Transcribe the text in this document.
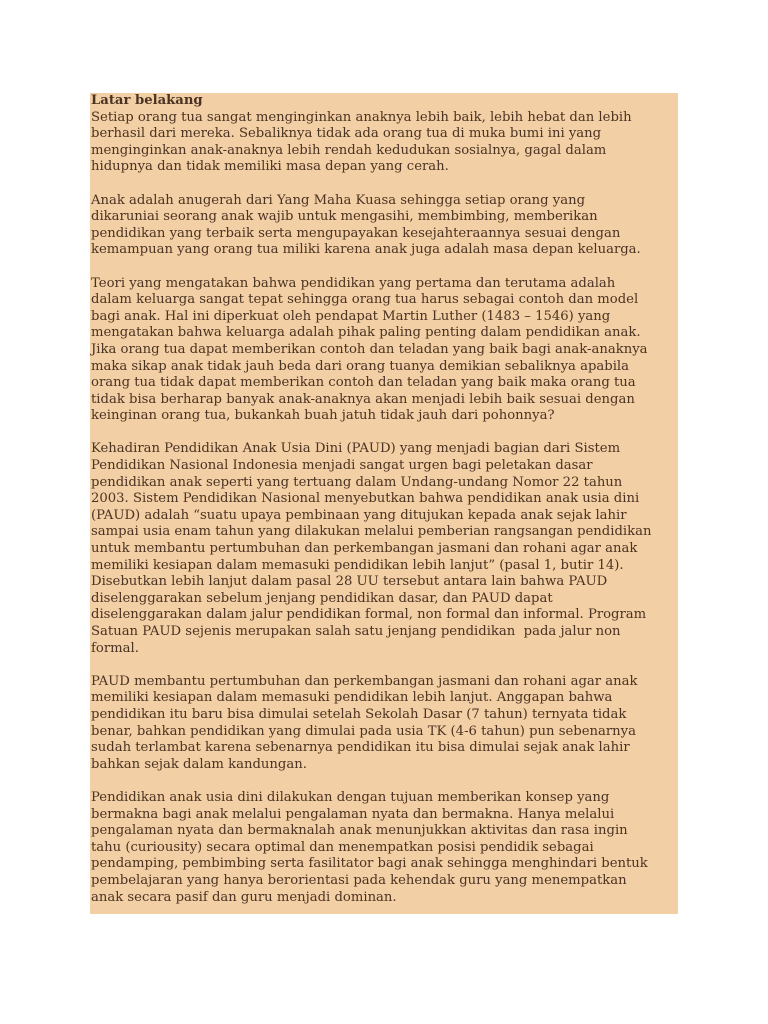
Latar belakang
Setiap orang tua sangat menginginkan anaknya lebih baik, lebih hebat dan lebih
berhasil dari mereka. Sebaliknya tidak ada orang tua di muka bumi ini yang
menginginkan anak-anaknya lebih rendah kedudukan sosialnya, gagal dalam
hidupnya dan tidak memiliki masa depan yang cerah.
Anak adalah anugerah dari Yang Maha Kuasa sehingga setiap orang yang
dikaruniai seorang anak wajib untuk mengasihi, membimbing, memberikan
pendidikan yang terbaik serta mengupayakan kesejahteraannya sesuai dengan
kemampuan yang orang tua miliki karena anak juga adalah masa depan keluarga.
Teori yang mengatakan bahwa pendidikan yang pertama dan terutama adalah
dalam keluarga sangat tepat sehingga orang tua harus sebagai contoh dan model
bagi anak. Hal ini diperkuat oleh pendapat Martin Luther (1483 – 1546) yang
mengatakan bahwa keluarga adalah pihak paling penting dalam pendidikan anak.
Jika orang tua dapat memberikan contoh dan teladan yang baik bagi anak-anaknya
maka sikap anak tidak jauh beda dari orang tuanya demikian sebaliknya apabila
orang tua tidak dapat memberikan contoh dan teladan yang baik maka orang tua
tidak bisa berharap banyak anak-anaknya akan menjadi lebih baik sesuai dengan
keinginan orang tua, bukankah buah jatuh tidak jauh dari pohonnya?
Kehadiran Pendidikan Anak Usia Dini (PAUD) yang menjadi bagian dari Sistem
Pendidikan Nasional Indonesia menjadi sangat urgen bagi peletakan dasar
pendidikan anak seperti yang tertuang dalam Undang-undang Nomor 22 tahun
2003. Sistem Pendidikan Nasional menyebutkan bahwa pendidikan anak usia dini
(PAUD) adalah “suatu upaya pembinaan yang ditujukan kepada anak sejak lahir
sampai usia enam tahun yang dilakukan melalui pemberian rangsangan pendidikan
untuk membantu pertumbuhan dan perkembangan jasmani dan rohani agar anak
memiliki kesiapan dalam memasuki pendidikan lebih lanjut” (pasal 1, butir 14).
Disebutkan lebih lanjut dalam pasal 28 UU tersebut antara lain bahwa PAUD
diselenggarakan sebelum jenjang pendidikan dasar, dan PAUD dapat
diselenggarakan dalam jalur pendidikan formal, non formal dan informal. Program
Satuan PAUD sejenis merupakan salah satu jenjang pendidikan  pada jalur non
formal.
PAUD membantu pertumbuhan dan perkembangan jasmani dan rohani agar anak
memiliki kesiapan dalam memasuki pendidikan lebih lanjut. Anggapan bahwa
pendidikan itu baru bisa dimulai setelah Sekolah Dasar (7 tahun) ternyata tidak
benar, bahkan pendidikan yang dimulai pada usia TK (4-6 tahun) pun sebenarnya
sudah terlambat karena sebenarnya pendidikan itu bisa dimulai sejak anak lahir
bahkan sejak dalam kandungan.
Pendidikan anak usia dini dilakukan dengan tujuan memberikan konsep yang
bermakna bagi anak melalui pengalaman nyata dan bermakna. Hanya melalui
pengalaman nyata dan bermaknalah anak menunjukkan aktivitas dan rasa ingin
tahu (curiousity) secara optimal dan menempatkan posisi pendidik sebagai
pendamping, pembimbing serta fasilitator bagi anak sehingga menghindari bentuk
pembelajaran yang hanya berorientasi pada kehendak guru yang menempatkan
anak secara pasif dan guru menjadi dominan.
